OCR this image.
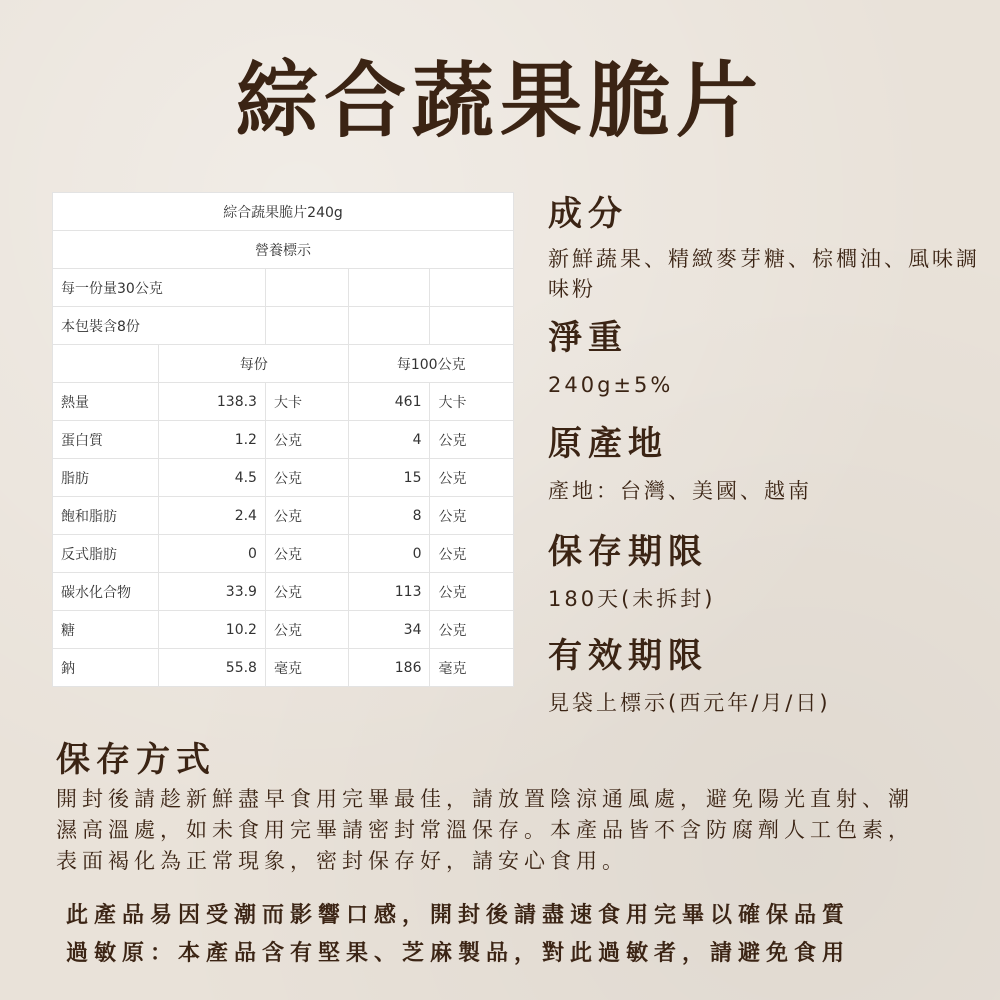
綜合蔬果脆片
綜合蔬果脆片240g				
營養標示				
每一份量30公克				
本包裝含8份				
	每份		每100公克	
熱量	138.3	大卡	461	大卡
蛋白質	1.2	公克	4	公克
脂肪	4.5	公克	15	公克
飽和脂肪	2.4	公克	8	公克
反式脂肪	0	公克	0	公克
碳水化合物	33.9	公克	113	公克
糖	10.2	公克	34	公克
鈉	55.8	毫克	186	毫克
成分
新鮮蔬果、精緻麥芽糖、棕櫚油、風味調味粉
淨重
240g±5%
原產地
產地：台灣、美國、越南
保存期限
180天(未拆封)
有效期限
見袋上標示(西元年/月/日)
保存方式
開封後請趁新鮮盡早食用完畢最佳，請放置陰涼通風處，避免陽光直射、潮濕高溫處，如未食用完畢請密封常溫保存。本產品皆不含防腐劑人工色素，表面褐化為正常現象，密封保存好，請安心食用。
此產品易因受潮而影響口感，開封後請盡速食用完畢以確保品質
過敏原：本產品含有堅果、芝麻製品，對此過敏者，請避免食用
